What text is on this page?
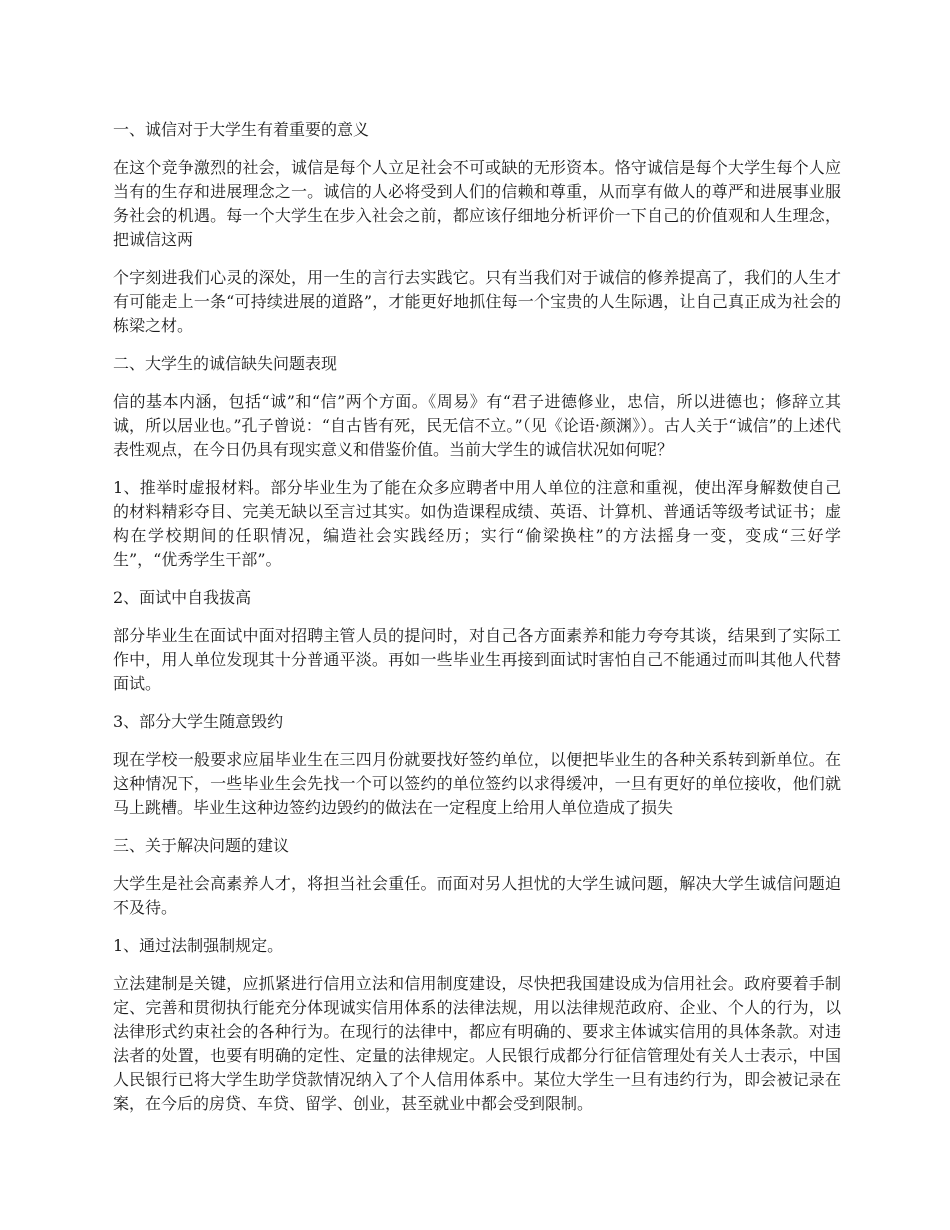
一、诚信对于大学生有着重要的意义
在这个竞争激烈的社会，诚信是每个人立足社会不可或缺的无形资本。恪守诚信是每个大学生每个人应当有的生存和进展理念之一。诚信的人必将受到人们的信赖和尊重，从而享有做人的尊严和进展事业服务社会的机遇。每一个大学生在步入社会之前，都应该仔细地分析评价一下自己的价值观和人生理念，把诚信这两
个字刻进我们心灵的深处，用一生的言行去实践它。只有当我们对于诚信的修养提高了，我们的人生才有可能走上一条“可持续进展的道路”，才能更好地抓住每一个宝贵的人生际遇，让自己真正成为社会的栋梁之材。
二、大学生的诚信缺失问题表现
信的基本内涵，包括“诚”和“信”两个方面。《周易》有“君子进德修业，忠信，所以进德也；修辞立其诚，所以居业也。”孔子曾说：“自古皆有死，民无信不立。”（见《论语·颜渊》）。古人关于“诚信”的上述代表性观点，在今日仍具有现实意义和借鉴价值。当前大学生的诚信状况如何呢？
1、推举时虚报材料。部分毕业生为了能在众多应聘者中用人单位的注意和重视，使出浑身解数使自己的材料精彩夺目、完美无缺以至言过其实。如伪造课程成绩、英语、计算机、普通话等级考试证书；虚构在学校期间的任职情况，编造社会实践经历；实行“偷梁换柱”的方法摇身一变，变成“三好学生”，“优秀学生干部”。
2、面试中自我拔高
部分毕业生在面试中面对招聘主管人员的提问时，对自己各方面素养和能力夸夸其谈，结果到了实际工作中，用人单位发现其十分普通平淡。再如一些毕业生再接到面试时害怕自己不能通过而叫其他人代替面试。
3、部分大学生随意毁约
现在学校一般要求应届毕业生在三四月份就要找好签约单位，以便把毕业生的各种关系转到新单位。在这种情况下，一些毕业生会先找一个可以签约的单位签约以求得缓冲，一旦有更好的单位接收，他们就马上跳槽。毕业生这种边签约边毁约的做法在一定程度上给用人单位造成了损失
三、关于解决问题的建议
大学生是社会高素养人才，将担当社会重任。而面对另人担忧的大学生诚问题，解决大学生诚信问题迫不及待。
1、通过法制强制规定。
立法建制是关键，应抓紧进行信用立法和信用制度建设，尽快把我国建设成为信用社会。政府要着手制定、完善和贯彻执行能充分体现诚实信用体系的法律法规，用以法律规范政府、企业、个人的行为，以法律形式约束社会的各种行为。在现行的法律中，都应有明确的、要求主体诚实信用的具体条款。对违法者的处置，也要有明确的定性、定量的法律规定。人民银行成都分行征信管理处有关人士表示，中国人民银行已将大学生助学贷款情况纳入了个人信用体系中。某位大学生一旦有违约行为，即会被记录在案，在今后的房贷、车贷、留学、创业，甚至就业中都会受到限制。
